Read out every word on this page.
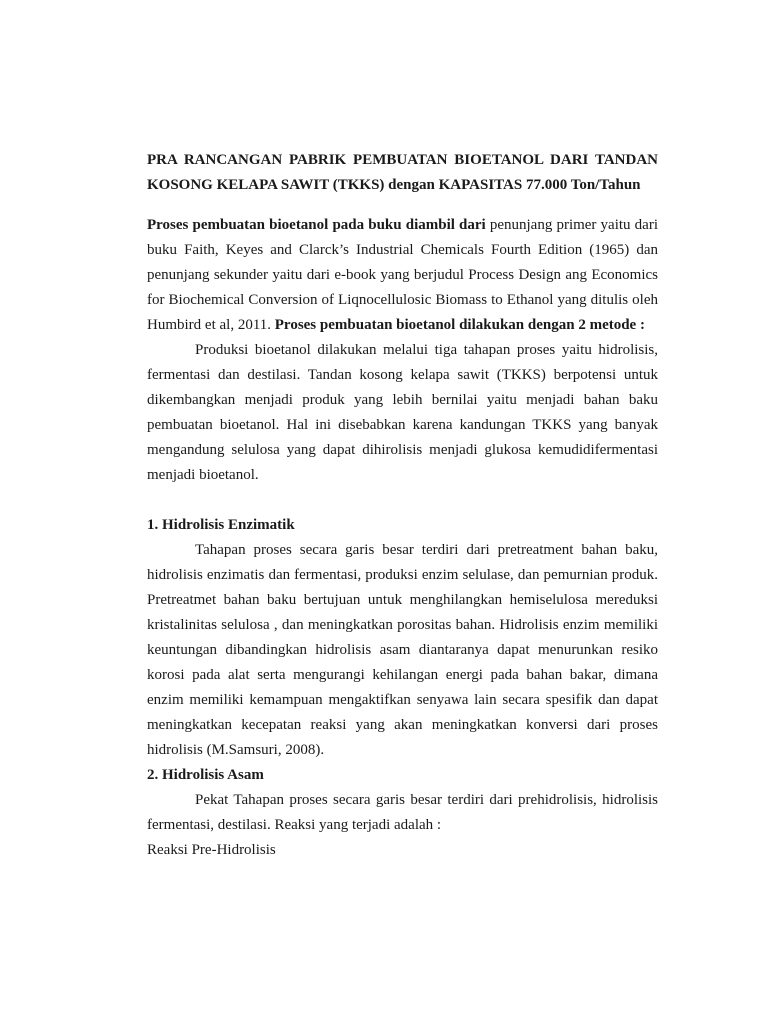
PRA RANCANGAN PABRIK PEMBUATAN BIOETANOL DARI TANDAN KOSONG KELAPA SAWIT (TKKS) dengan KAPASITAS 77.000 Ton/Tahun

Proses pembuatan bioetanol pada buku diambil dari penunjang primer yaitu dari buku Faith, Keyes and Clarck’s Industrial Chemicals Fourth Edition (1965) dan penunjang sekunder yaitu dari e-book yang berjudul Process Design ang Economics for Biochemical Conversion of Liqnocellulosic Biomass to Ethanol yang ditulis oleh Humbird et al, 2011. Proses pembuatan bioetanol dilakukan dengan 2 metode :

Produksi bioetanol dilakukan melalui tiga tahapan proses yaitu hidrolisis, fermentasi dan destilasi. Tandan kosong kelapa sawit (TKKS) berpotensi untuk dikembangkan menjadi produk yang lebih bernilai yaitu menjadi bahan baku pembuatan bioetanol. Hal ini disebabkan karena kandungan TKKS yang banyak mengandung selulosa yang dapat dihirolisis menjadi glukosa kemudidifermentasi menjadi bioetanol.

1. Hidrolisis Enzimatik

Tahapan proses secara garis besar terdiri dari pretreatment bahan baku, hidrolisis enzimatis dan fermentasi, produksi enzim selulase, dan pemurnian produk. Pretreatmet bahan baku bertujuan untuk menghilangkan hemiselulosa mereduksi kristalinitas selulosa , dan meningkatkan porositas bahan. Hidrolisis enzim memiliki keuntungan dibandingkan hidrolisis asam diantaranya dapat menurunkan resiko korosi pada alat serta mengurangi kehilangan energi pada bahan bakar, dimana enzim memiliki kemampuan mengaktifkan senyawa lain secara spesifik dan dapat meningkatkan kecepatan reaksi yang akan meningkatkan konversi dari proses hidrolisis (M.Samsuri, 2008).

2. Hidrolisis Asam

Pekat Tahapan proses secara garis besar terdiri dari prehidrolisis, hidrolisis fermentasi, destilasi. Reaksi yang terjadi adalah :

Reaksi Pre-Hidrolisis
